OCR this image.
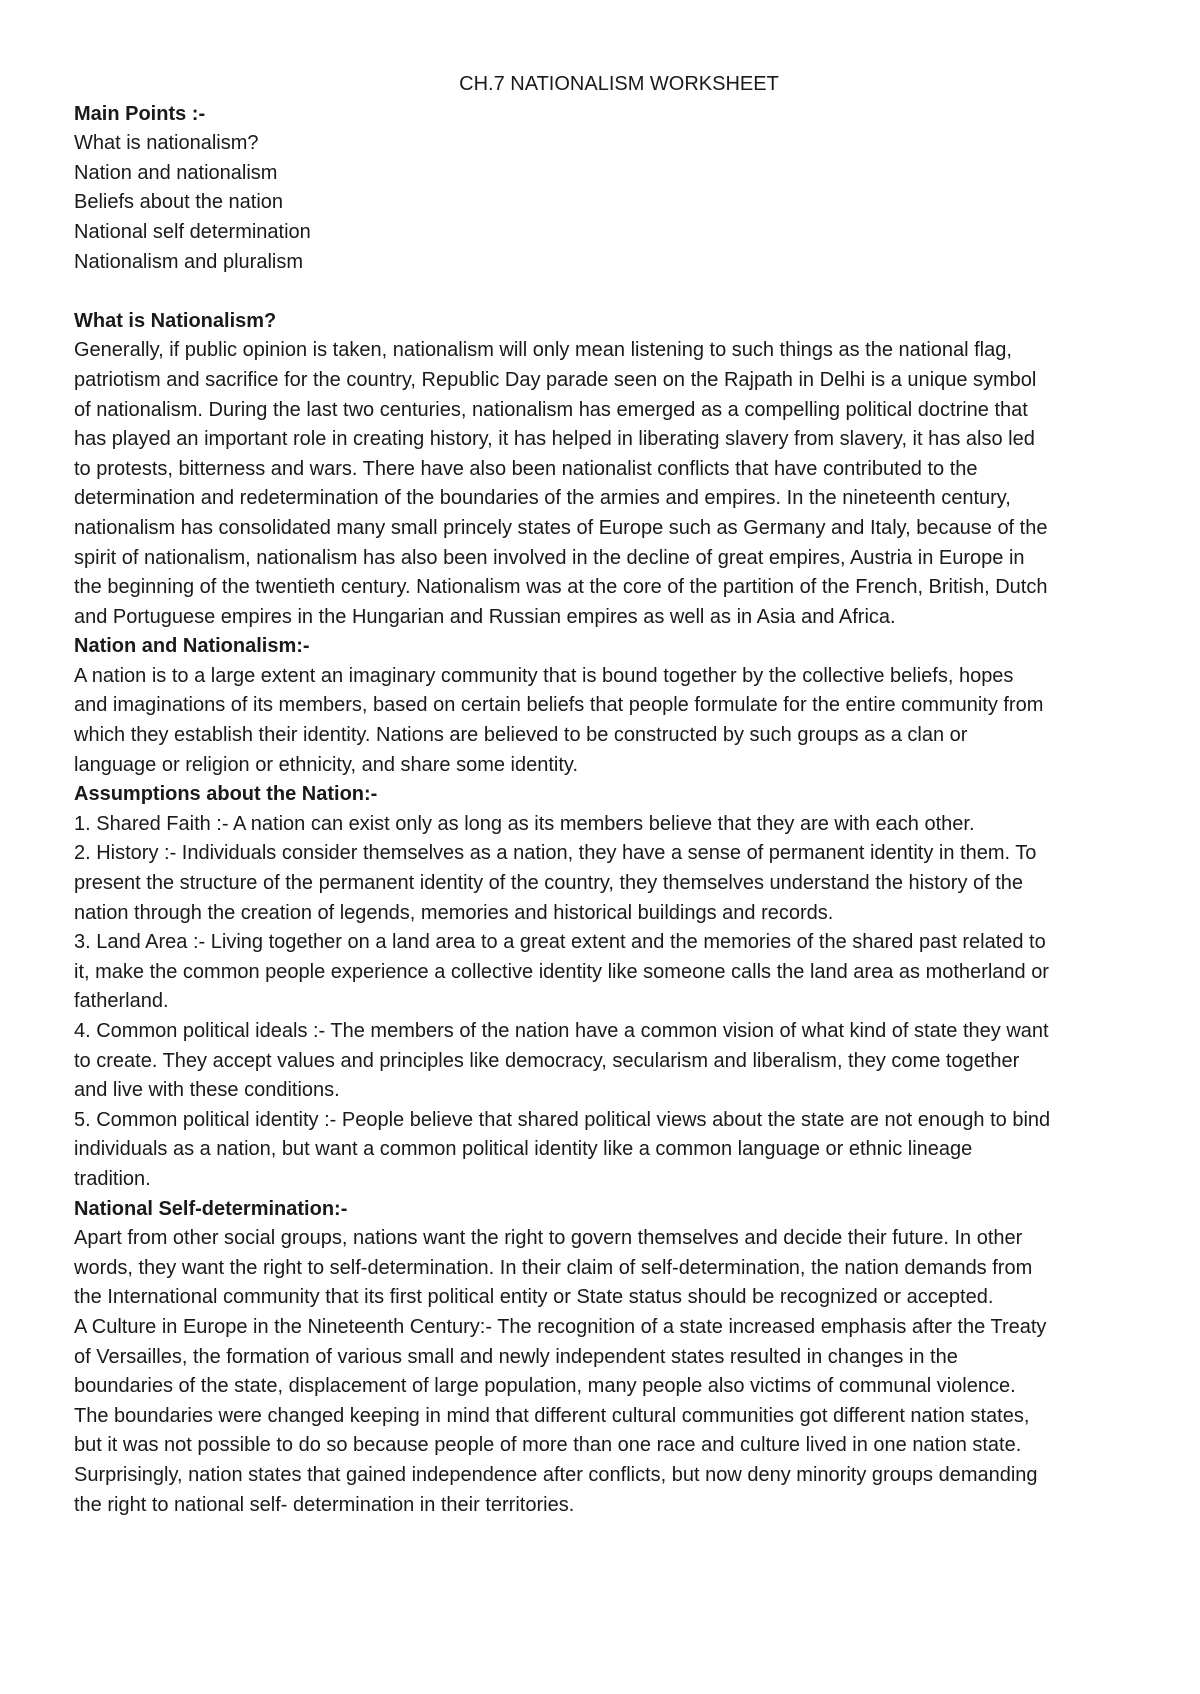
CH.7 NATIONALISM WORKSHEET

Main Points :-

What is nationalism?

Nation and nationalism

Beliefs about the nation

National self determination

Nationalism and pluralism

What is Nationalism?

Generally, if public opinion is taken, nationalism will only mean listening to such things as the national flag,
patriotism and sacrifice for the country, Republic Day parade seen on the Rajpath in Delhi is a unique symbol
of nationalism. During the last two centuries, nationalism has emerged as a compelling political doctrine that
has played an important role in creating history, it has helped in liberating slavery from slavery, it has also led
to protests, bitterness and wars. There have also been nationalist conflicts that have contributed to the
determination and redetermination of the boundaries of the armies and empires. In the nineteenth century,
nationalism has consolidated many small princely states of Europe such as Germany and Italy, because of the
spirit of nationalism, nationalism has also been involved in the decline of great empires, Austria in Europe in
the beginning of the twentieth century. Nationalism was at the core of the partition of the French, British, Dutch
and Portuguese empires in the Hungarian and Russian empires as well as in Asia and Africa.

Nation and Nationalism:-

A nation is to a large extent an imaginary community that is bound together by the collective beliefs, hopes
and imaginations of its members, based on certain beliefs that people formulate for the entire community from
which they establish their identity. Nations are believed to be constructed by such groups as a clan or
language or religion or ethnicity, and share some identity.

Assumptions about the Nation:-

1. Shared Faith :- A nation can exist only as long as its members believe that they are with each other.
2. History :- Individuals consider themselves as a nation, they have a sense of permanent identity in them. To
present the structure of the permanent identity of the country, they themselves understand the history of the
nation through the creation of legends, memories and historical buildings and records.
3. Land Area :- Living together on a land area to a great extent and the memories of the shared past related to
it, make the common people experience a collective identity like someone calls the land area as motherland or
fatherland.
4. Common political ideals :- The members of the nation have a common vision of what kind of state they want
to create. They accept values and principles like democracy, secularism and liberalism, they come together
and live with these conditions.
5. Common political identity :- People believe that shared political views about the state are not enough to bind
individuals as a nation, but want a common political identity like a common language or ethnic lineage
tradition.

National Self-determination:-

Apart from other social groups, nations want the right to govern themselves and decide their future. In other
words, they want the right to self-determination. In their claim of self-determination, the nation demands from
the International community that its first political entity or State status should be recognized or accepted.
A Culture in Europe in the Nineteenth Century:- The recognition of a state increased emphasis after the Treaty
of Versailles, the formation of various small and newly independent states resulted in changes in the
boundaries of the state, displacement of large population, many people also victims of communal violence.
The boundaries were changed keeping in mind that different cultural communities got different nation states,
but it was not possible to do so because people of more than one race and culture lived in one nation state.
Surprisingly, nation states that gained independence after conflicts, but now deny minority groups demanding
the right to national self- determination in their territories.
